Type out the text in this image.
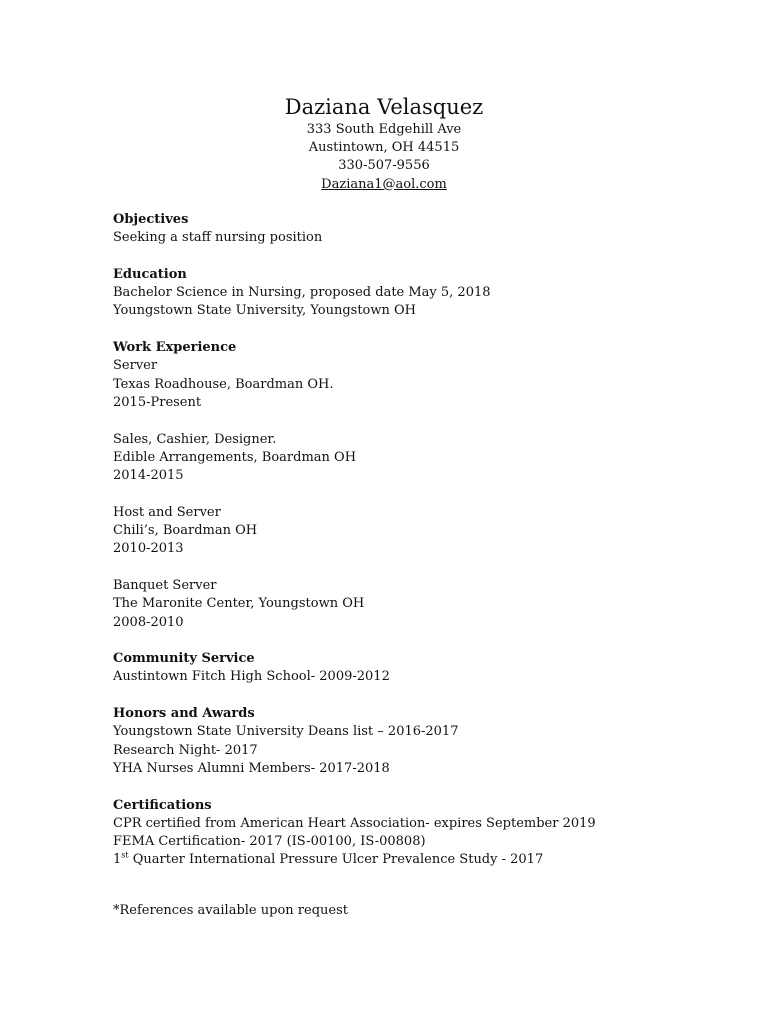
Daziana Velasquez
333 South Edgehill Ave
Austintown, OH 44515
330-507-9556
Daziana1@aol.com
Objectives
Seeking a staff nursing position
Education
Bachelor Science in Nursing, proposed date May 5, 2018
Youngstown State University, Youngstown OH
Work Experience
Server
Texas Roadhouse, Boardman OH.
2015-Present
Sales, Cashier, Designer.
Edible Arrangements, Boardman OH
2014-2015
Host and Server
Chili’s, Boardman OH
2010-2013
Banquet Server
The Maronite Center, Youngstown OH
2008-2010
Community Service
Austintown Fitch High School- 2009-2012
Honors and Awards
Youngstown State University Deans list – 2016-2017
Research Night- 2017
YHA Nurses Alumni Members- 2017-2018
Certifications
CPR certified from American Heart Association- expires September 2019
FEMA Certification- 2017 (IS-00100, IS-00808)
1st Quarter International Pressure Ulcer Prevalence Study - 2017
*References available upon request
